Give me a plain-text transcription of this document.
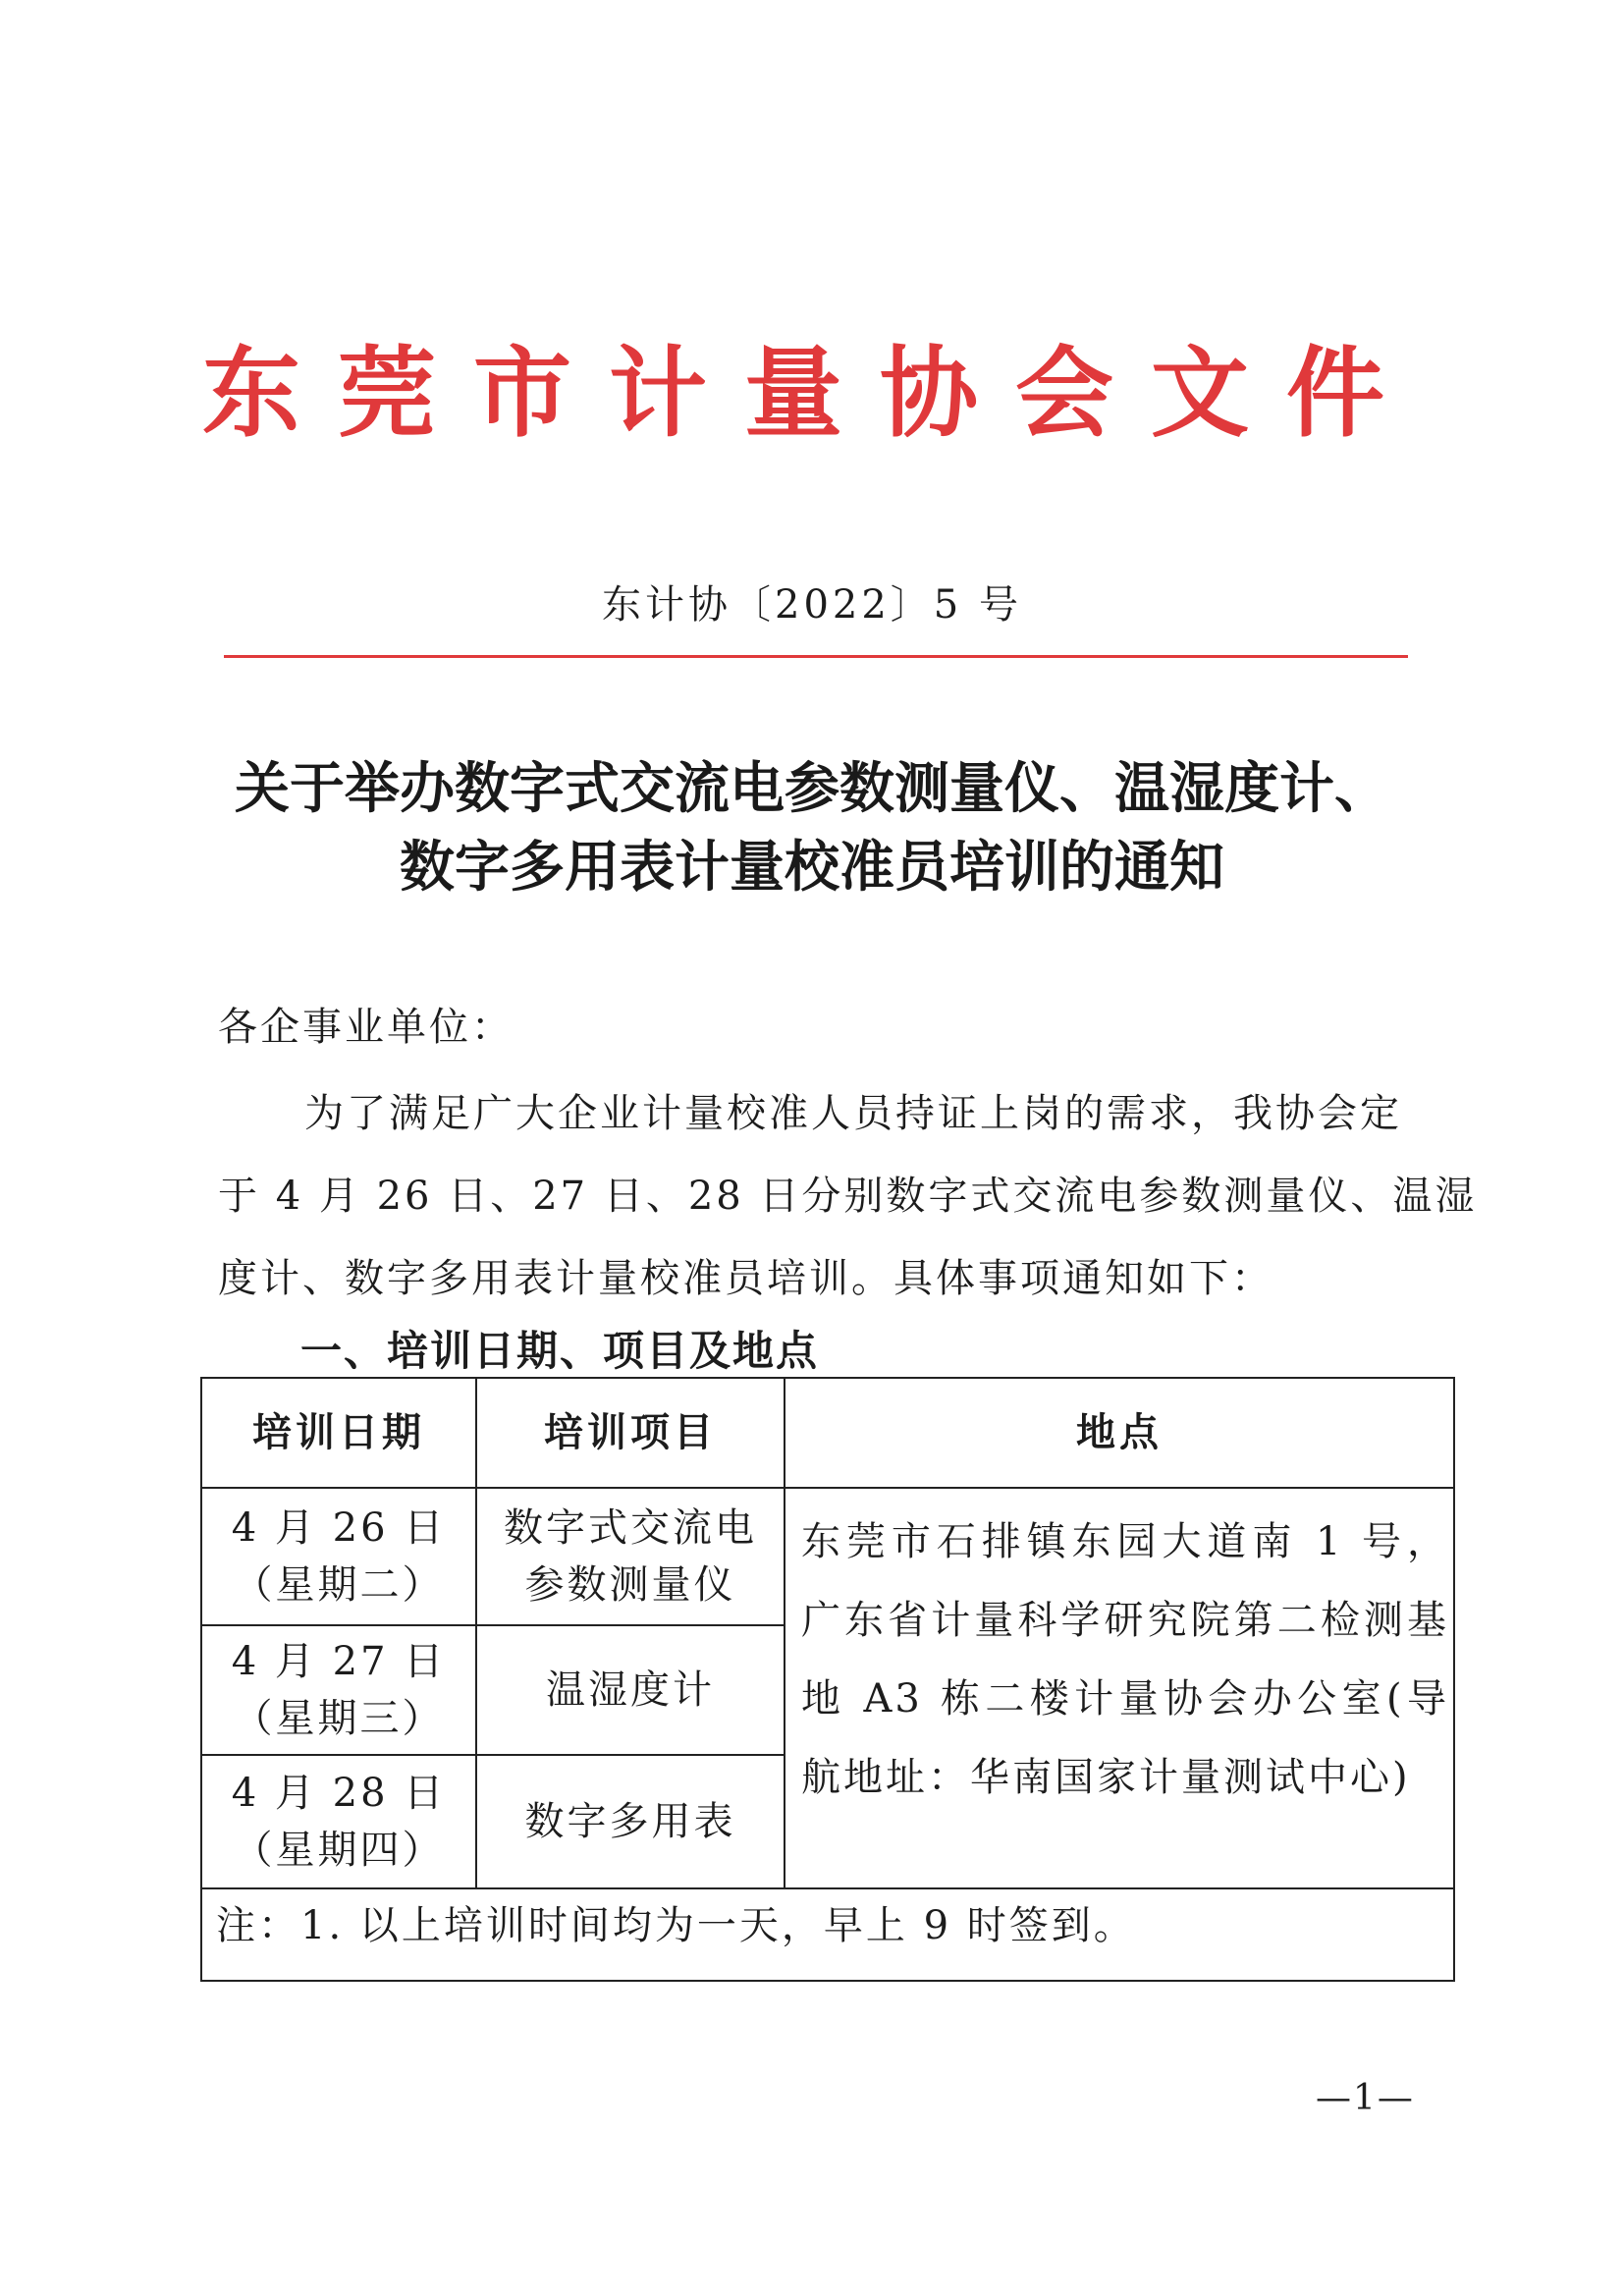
东莞市计量协会文件
东计协〔2022〕5 号
关于举办数字式交流电参数测量仪、温湿度计、
数字多用表计量校准员培训的通知
各企事业单位：
为了满足广大企业计量校准人员持证上岗的需求，我协会定
于 4 月 26 日、27 日、28 日分别数字式交流电参数测量仪、温湿
度计、数字多用表计量校准员培训。具体事项通知如下：
一、培训日期、项目及地点
培训日期	培训项目	地点
4 月 26 日
（星期二）
数字式交流电
参数测量仪
4 月 27 日
（星期三）
温湿度计
4 月 28 日
（星期四）
数字多用表
东莞市石排镇东园大道南 1 号，广东省计量科学研究院第二检测基地 A3 栋二楼计量协会办公室(导航地址：华南国家计量测试中心)
注：1. 以上培训时间均为一天，早上 9 时签到。
—1—
